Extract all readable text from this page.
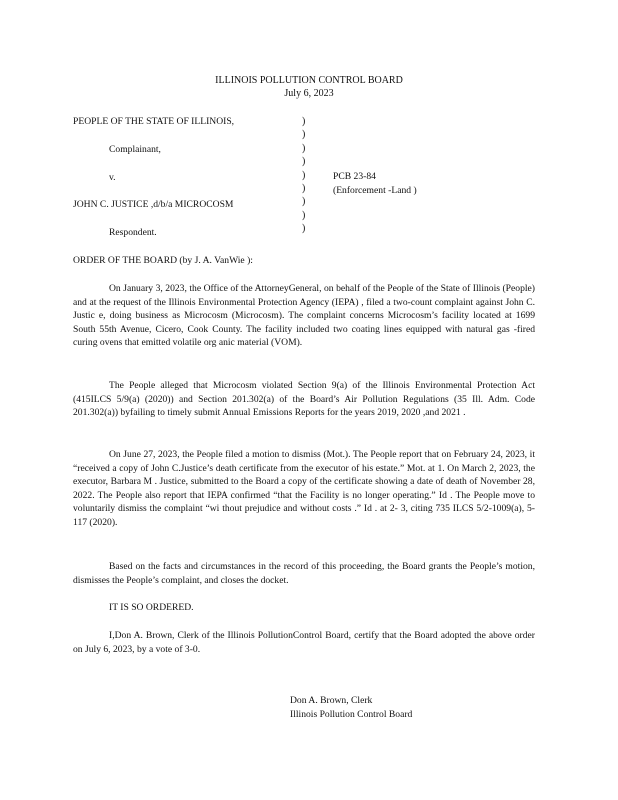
ILLINOIS POLLUTION CONTROL BOARD
July 6, 2023
PEOPLE OF THE STATE OF ILLINOIS,
Complainant,
v.
JOHN C. JUSTICE ,d/b/a MICROCOSM
Respondent.
)
)
)
)
)
)
)
)
)
PCB 23-84
(Enforcement -Land )
ORDER OF THE BOARD (by J. A. VanWie ):
On January 3, 2023, the Office of the AttorneyGeneral, on behalf of the People of the State of Illinois (People) and at the request of the Illinois Environmental Protection Agency (IEPA) , filed a two-count complaint against John C. Justic e, doing business as Microcosm (Microcosm). The complaint concerns Microcosm’s facility located at 1699 South 55th Avenue, Cicero, Cook County. The facility included two coating lines equipped with natural gas -fired curing ovens that emitted volatile org anic material (VOM).
The People alleged that Microcosm violated Section 9(a) of the Illinois Environmental Protection Act (415ILCS 5/9(a) (2020)) and Section 201.302(a) of the Board’s Air Pollution Regulations (35 Ill. Adm. Code 201.302(a)) byfailing to timely submit Annual Emissions Reports for the years 2019, 2020 ,and 2021 .
On June 27, 2023, the People filed a motion to dismiss (Mot.). The People report that on February 24, 2023, it “received a copy of John C.Justice’s death certificate from the executor of his estate.” Mot. at 1. On March 2, 2023, the executor, Barbara M . Justice, submitted to the Board a copy of the certificate showing a date of death of November 28, 2022. The People also report that IEPA confirmed “that the Facility is no longer operating.” Id . The People move to voluntarily dismiss the complaint “wi thout prejudice and without costs .” Id . at 2- 3, citing 735 ILCS 5/2-1009(a), 5-117 (2020).
Based on the facts and circumstances in the record of this proceeding, the Board grants the People’s motion, dismisses the People’s complaint, and closes the docket.
IT IS SO ORDERED.
I,Don A. Brown, Clerk of the Illinois PollutionControl Board, certify that the Board adopted the above order on July 6, 2023, by a vote of 3-0.
Don A. Brown, Clerk
Illinois Pollution Control Board
